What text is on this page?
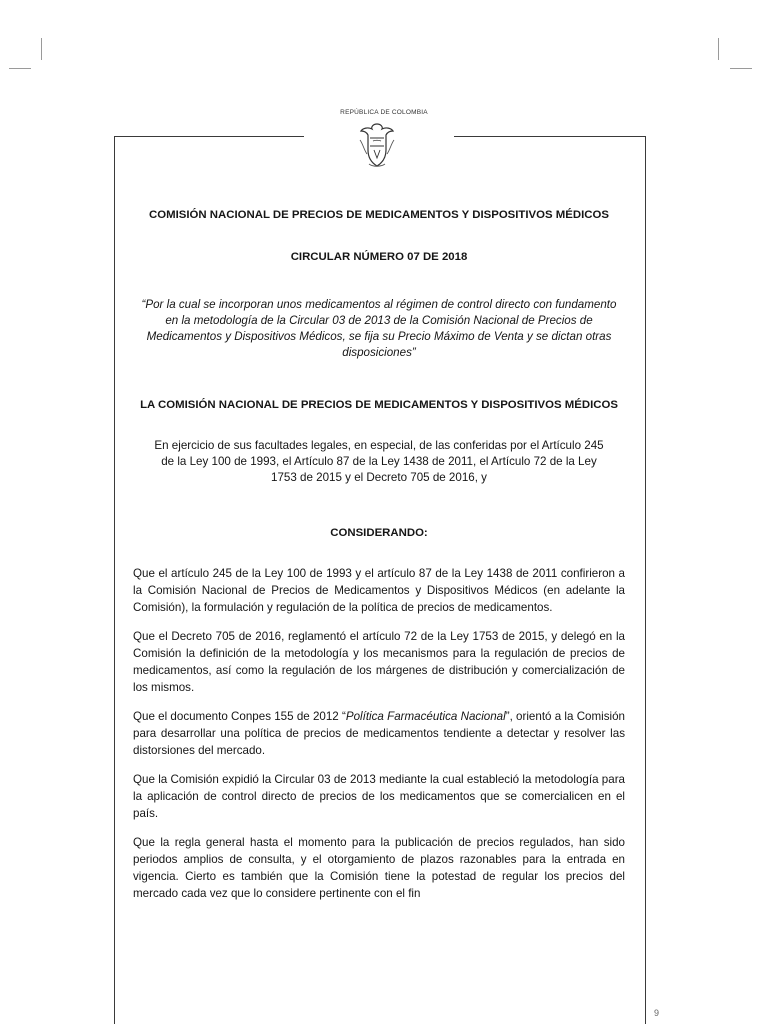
REPÚBLICA DE COLOMBIA
COMISIÓN NACIONAL DE PRECIOS DE MEDICAMENTOS Y DISPOSITIVOS MÉDICOS
CIRCULAR NÚMERO 07 DE 2018
“Por la cual se incorporan unos medicamentos al régimen de control directo con fundamento en la metodología de la Circular 03 de 2013 de la Comisión Nacional de Precios de Medicamentos y Dispositivos Médicos, se fija su Precio Máximo de Venta y se dictan otras disposiciones”
LA COMISIÓN NACIONAL DE PRECIOS DE MEDICAMENTOS Y DISPOSITIVOS MÉDICOS
En ejercicio de sus facultades legales, en especial, de las conferidas por el Artículo 245 de la Ley 100 de 1993, el Artículo 87 de la Ley 1438 de 2011, el Artículo 72 de la Ley 1753 de 2015 y el Decreto 705 de 2016, y
CONSIDERANDO:

Que el artículo 245 de la Ley 100 de 1993 y el artículo 87 de la Ley 1438 de 2011 confirieron a la Comisión Nacional de Precios de Medicamentos y Dispositivos Médicos (en adelante la Comisión), la formulación y regulación de la política de precios de medicamentos.

Que el Decreto 705 de 2016, reglamentó el artículo 72 de la Ley 1753 de 2015, y delegó en la Comisión la definición de la metodología y los mecanismos para la regulación de precios de medicamentos, así como la regulación de los márgenes de distribución y comercialización de los mismos.

Que el documento Conpes 155 de 2012 “Política Farmacéutica Nacional”, orientó a la Comisión para desarrollar una política de precios de medicamentos tendiente a detectar y resolver las distorsiones del mercado.

Que la Comisión expidió la Circular 03 de 2013 mediante la cual estableció la metodología para la aplicación de control directo de precios de los medicamentos que se comercialicen en el país.

Que la regla general hasta el momento para la publicación de precios regulados, han sido periodos amplios de consulta, y el otorgamiento de plazos razonables para la entrada en vigencia. Cierto es también que la Comisión tiene la potestad de regular los precios del mercado cada vez que lo considere pertinente con el fin

9
